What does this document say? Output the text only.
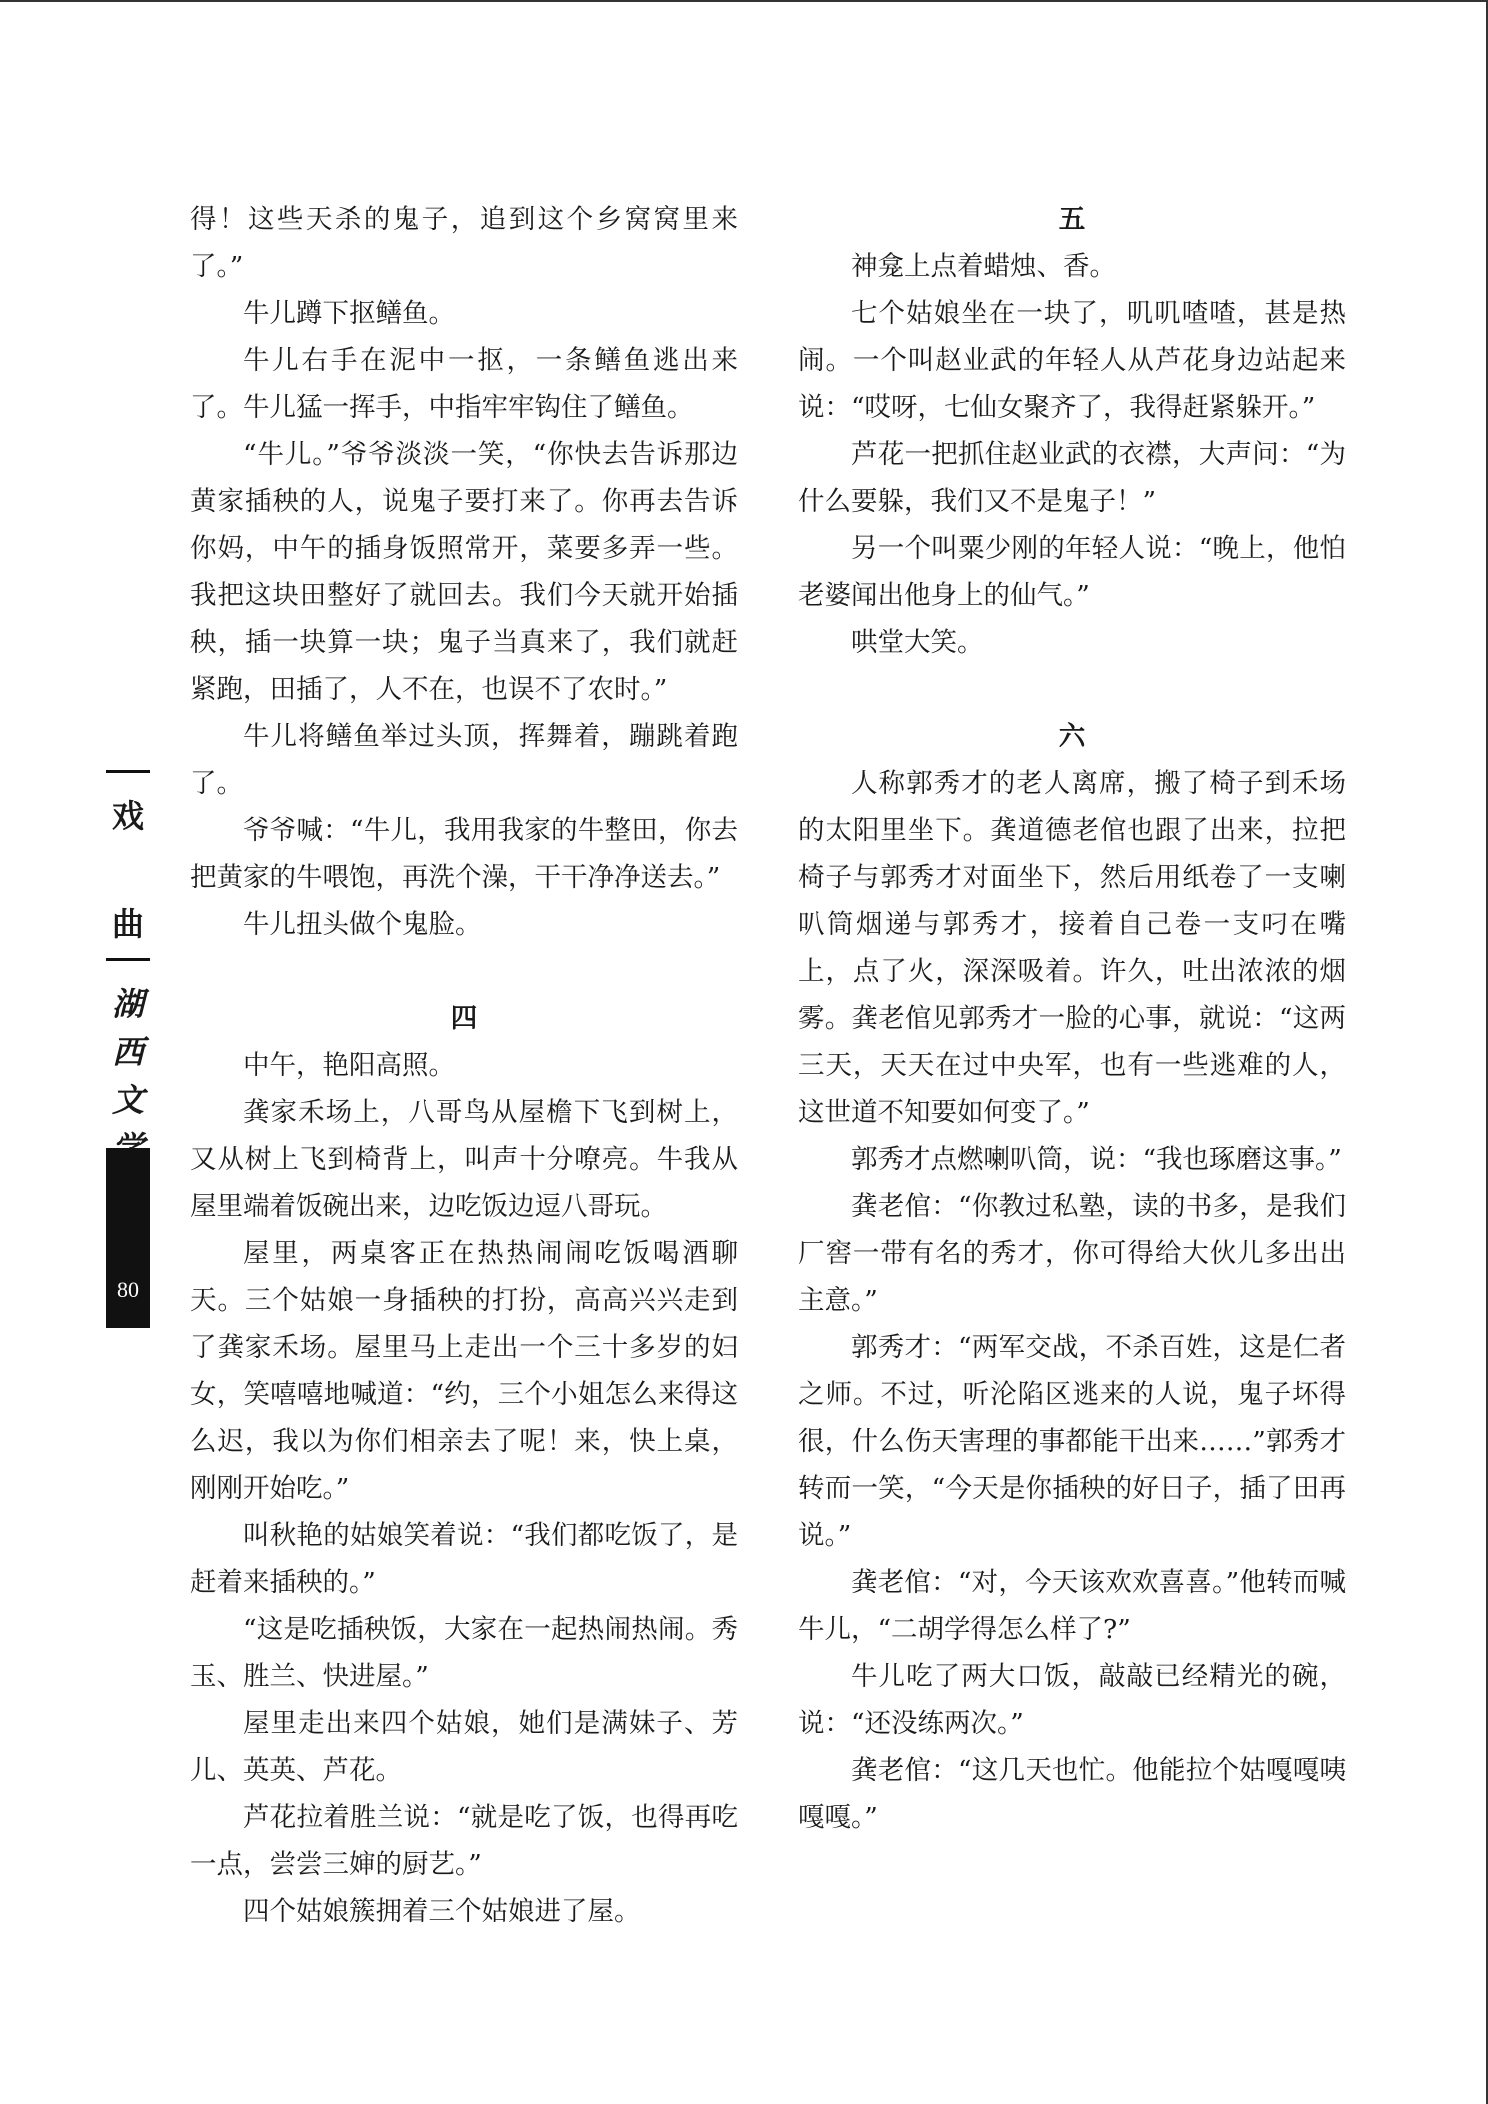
戏
曲
湖
西
文
80
得！这些天杀的鬼子，追到这个乡窝窝里来了。”
牛儿蹲下抠鳝鱼。
牛儿右手在泥中一抠，一条鳝鱼逃出来了。牛儿猛一挥手，中指牢牢钩住了鳝鱼。
“牛儿。”爷爷淡淡一笑，“你快去告诉那边黄家插秧的人，说鬼子要打来了。你再去告诉你妈，中午的插身饭照常开，菜要多弄一些。我把这块田整好了就回去。我们今天就开始插秧，插一块算一块；鬼子当真来了，我们就赶紧跑，田插了，人不在，也误不了农时。”
牛儿将鳝鱼举过头顶，挥舞着，蹦跳着跑了。
爷爷喊：“牛儿，我用我家的牛整田，你去把黄家的牛喂饱，再洗个澡，干干净净送去。”
牛儿扭头做个鬼脸。
四
中午，艳阳高照。
龚家禾场上，八哥鸟从屋檐下飞到树上，又从树上飞到椅背上，叫声十分嘹亮。牛我从屋里端着饭碗出来，边吃饭边逗八哥玩。
屋里，两桌客正在热热闹闹吃饭喝酒聊天。三个姑娘一身插秧的打扮，高高兴兴走到了龚家禾场。屋里马上走出一个三十多岁的妇女，笑嘻嘻地喊道：“约，三个小姐怎么来得这么迟，我以为你们相亲去了呢！来，快上桌，刚刚开始吃。”
叫秋艳的姑娘笑着说：“我们都吃饭了，是赶着来插秧的。”
“这是吃插秧饭，大家在一起热闹热闹。秀玉、胜兰、快进屋。”
屋里走出来四个姑娘，她们是满妹子、芳儿、英英、芦花。
芦花拉着胜兰说：“就是吃了饭，也得再吃一点，尝尝三婶的厨艺。”
四个姑娘簇拥着三个姑娘进了屋。
五
神龛上点着蜡烛、香。
七个姑娘坐在一块了，叽叽喳喳，甚是热闹。一个叫赵业武的年轻人从芦花身边站起来说：“哎呀，七仙女聚齐了，我得赶紧躲开。”
芦花一把抓住赵业武的衣襟，大声问：“为什么要躲，我们又不是鬼子！”
另一个叫粟少刚的年轻人说：“晚上，他怕老婆闻出他身上的仙气。”
哄堂大笑。
六
人称郭秀才的老人离席，搬了椅子到禾场的太阳里坐下。龚道德老倌也跟了出来，拉把椅子与郭秀才对面坐下，然后用纸卷了一支喇叭筒烟递与郭秀才，接着自己卷一支叼在嘴上，点了火，深深吸着。许久，吐出浓浓的烟雾。龚老倌见郭秀才一脸的心事，就说：“这两三天，天天在过中央军，也有一些逃难的人，这世道不知要如何变了。”
郭秀才点燃喇叭筒，说：“我也琢磨这事。”
龚老倌：“你教过私塾，读的书多，是我们厂窖一带有名的秀才，你可得给大伙儿多出出主意。”
郭秀才：“两军交战，不杀百姓，这是仁者之师。不过，听沦陷区逃来的人说，鬼子坏得很，什么伤天害理的事都能干出来……”郭秀才转而一笑，“今天是你插秧的好日子，插了田再说。”
龚老倌：“对，今天该欢欢喜喜。”他转而喊牛儿，“二胡学得怎么样了?”
牛儿吃了两大口饭，敲敲已经精光的碗，说：“还没练两次。”
龚老倌：“这几天也忙。他能拉个姑嘎嘎咦嘎嘎。”
